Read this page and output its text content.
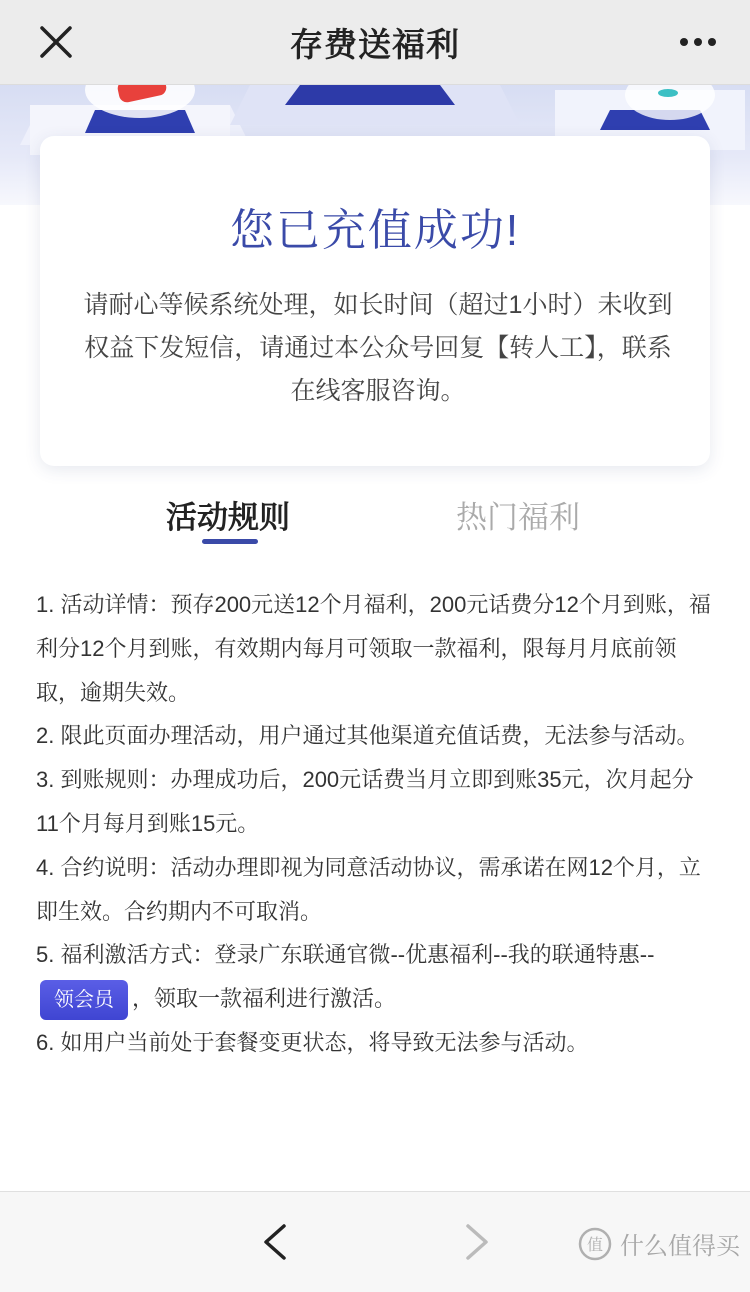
存费送福利
您已充值成功!
请耐心等候系统处理，如长时间（超过1小时）未收到权益下发短信，请通过本公众号回复【转人工】，联系在线客服咨询。
活动规则	热门福利

1. 活动详情：预存200元送12个月福利，200元话费分12个月到账，福利分12个月到账，有效期内每月可领取一款福利，限每月月底前领取，逾期失效。

2. 限此页面办理活动，用户通过其他渠道充值话费，无法参与活动。

3. 到账规则：办理成功后，200元话费当月立即到账35元，次月起分11个月每月到账15元。

4. 合约说明：活动办理即视为同意活动协议，需承诺在网12个月，立即生效。合约期内不可取消。

5. 福利激活方式：登录广东联通官微--优惠福利--我的联通特惠--领会员 ，领取一款福利进行激活。

6. 如用户当前处于套餐变更状态，将导致无法参与活动。

值 什么值得买
